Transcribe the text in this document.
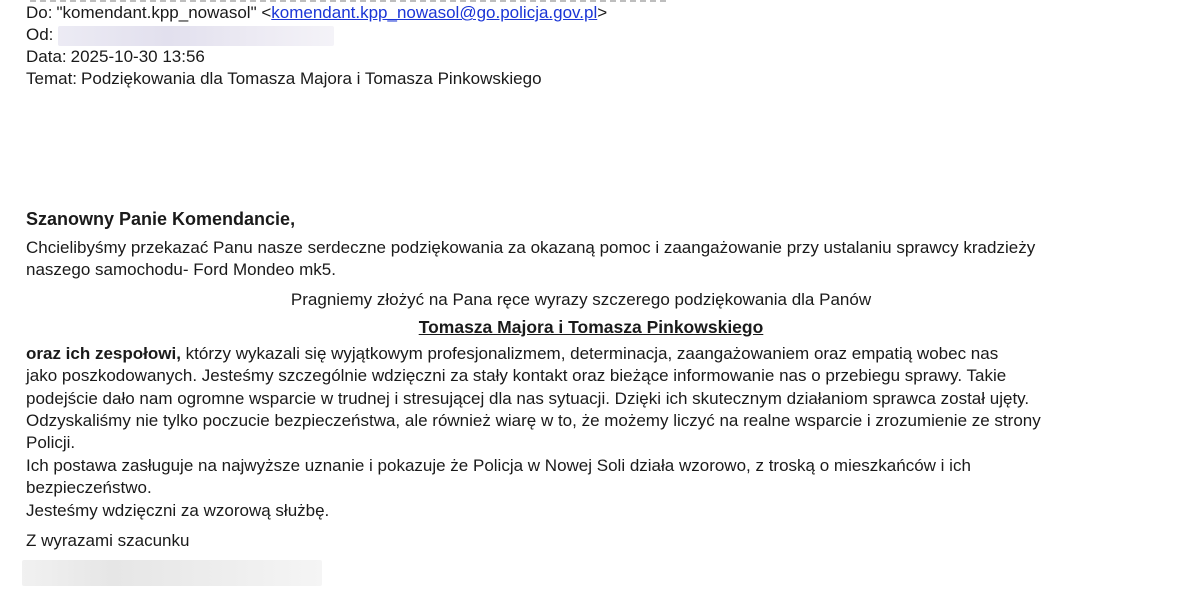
Do: "komendant.kpp_nowasol" <komendant.kpp_nowasol@go.policja.gov.pl>
Od:
Data: 2025-10-30 13:56
Temat: Podziękowania dla Tomasza Majora i Tomasza Pinkowskiego

Szanowny Panie Komendancie,

Chcielibyśmy przekazać Panu nasze serdeczne podziękowania za okazaną pomoc i zaangażowanie przy ustalaniu sprawcy kradzieży
naszego samochodu- Ford Mondeo mk5.

Pragniemy złożyć na Pana ręce wyrazy szczerego podziękowania dla Panów

Tomasza Majora i Tomasza Pinkowskiego

oraz ich zespołowi, którzy wykazali się wyjątkowym profesjonalizmem, determinacja, zaangażowaniem oraz empatią wobec nas
jako poszkodowanych. Jesteśmy szczególnie wdzięczni za stały kontakt oraz bieżące informowanie nas o przebiegu sprawy. Takie
podejście dało nam ogromne wsparcie w trudnej i stresującej dla nas sytuacji. Dzięki ich skutecznym działaniom sprawca został ujęty.
Odzyskaliśmy nie tylko poczucie bezpieczeństwa, ale również wiarę w to, że możemy liczyć na realne wsparcie i zrozumienie ze strony
Policji.
Ich postawa zasługuje na najwyższe uznanie i pokazuje że Policja w Nowej Soli działa wzorowo, z troską o mieszkańców i ich
bezpieczeństwo.
Jesteśmy wdzięczni za wzorową służbę.

Z wyrazami szacunku
